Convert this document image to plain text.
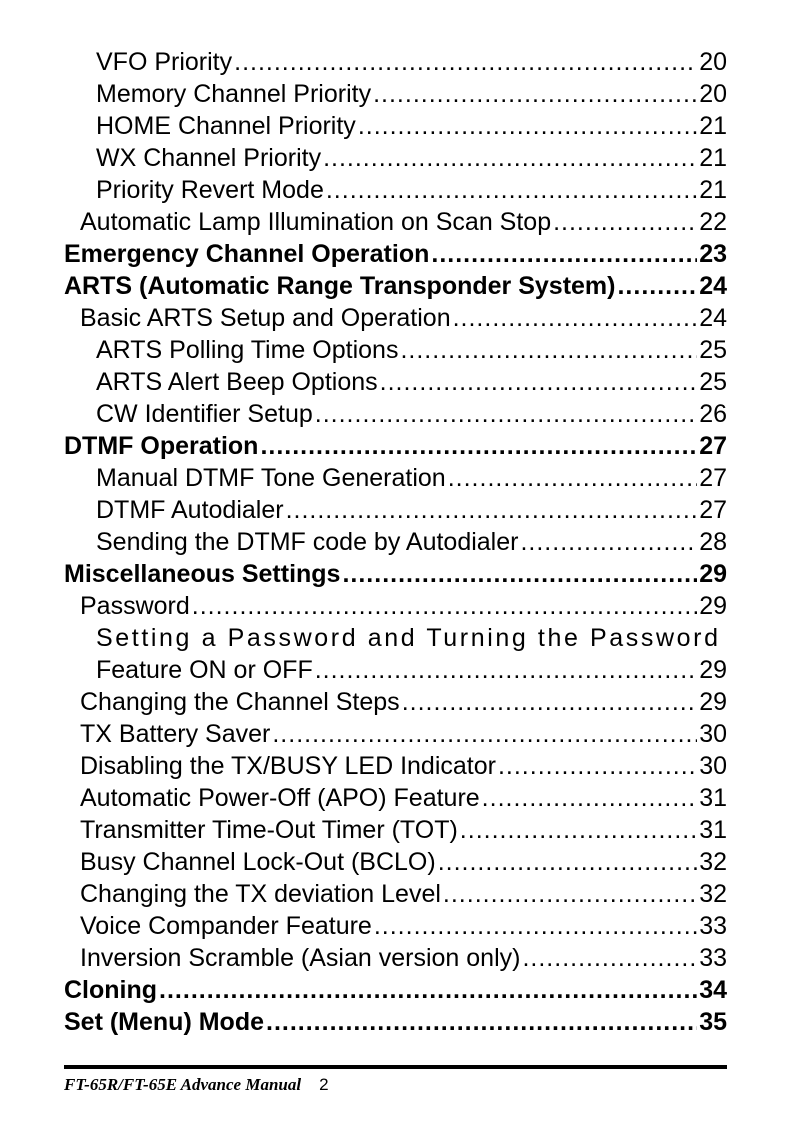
VFO Priority .....	20
Memory Channel Priority .....	20
HOME Channel Priority .....	21
WX Channel Priority .....	21
Priority Revert Mode .....	21
Automatic Lamp Illumination on Scan Stop .....	22
Emergency Channel Operation .....	23
ARTS (Automatic Range Transponder System) .....	24
Basic ARTS Setup and Operation .....	24
ARTS Polling Time Options .....	25
ARTS Alert Beep Options .....	25
CW Identifier Setup .....	26
DTMF Operation .....	27
Manual DTMF Tone Generation .....	27
DTMF Autodialer .....	27
Sending the DTMF code by Autodialer .....	28
Miscellaneous Settings .....	29
Password .....	29
Setting a Password and Turning the Password
Feature ON or OFF .....	29
Changing the Channel Steps .....	29
TX Battery Saver .....	30
Disabling the TX/BUSY LED Indicator .....	30
Automatic Power-Off (APO) Feature .....	31
Transmitter Time-Out Timer (TOT) .....	31
Busy Channel Lock-Out (BCLO) .....	32
Changing the TX deviation Level .....	32
Voice Compander Feature .....	33
Inversion Scramble (Asian version only) .....	33
Cloning .....	34
Set (Menu) Mode .....	35
FT-65R/FT-65E Advance Manual 2
